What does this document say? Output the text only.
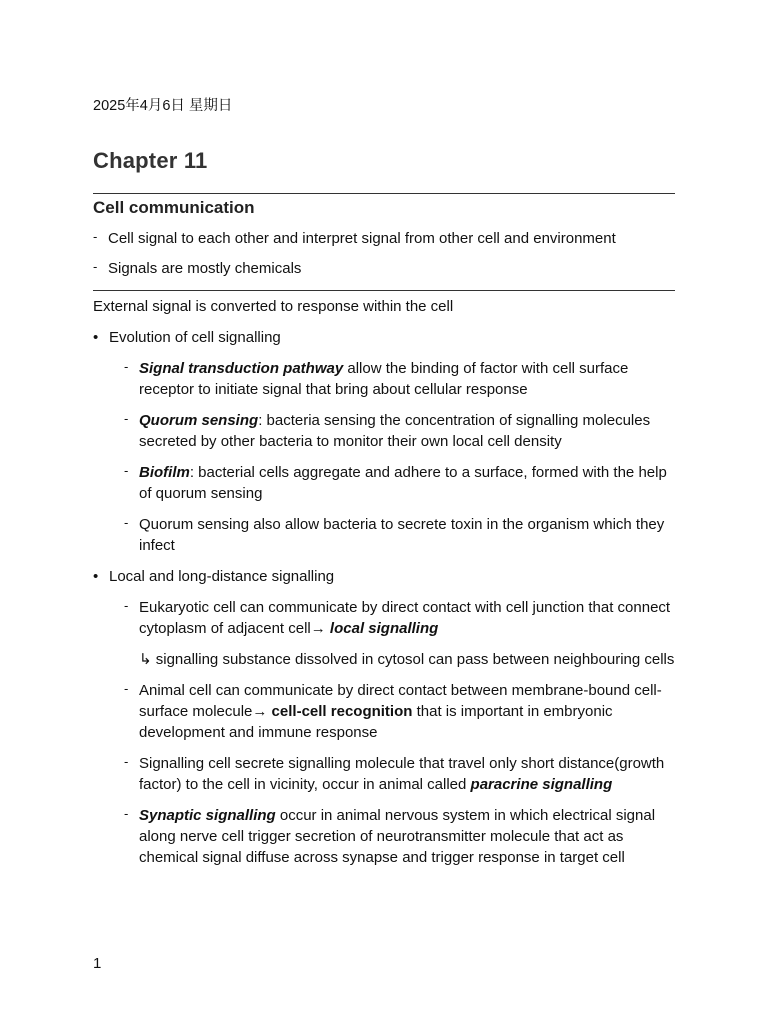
2025年4月6日 星期日

Chapter 11
Cell communication

- Cell signal to each other and interpret signal from other cell and environment

- Signals are mostly chemicals

External signal is converted to response within the cell

• Evolution of cell signalling

- Signal transduction pathway allow the binding of factor with cell surface receptor to initiate signal that bring about cellular response

- Quorum sensing: bacteria sensing the concentration of signalling molecules secreted by other bacteria to monitor their own local cell density

- Biofilm: bacterial cells aggregate and adhere to a surface, formed with the help of quorum sensing

- Quorum sensing also allow bacteria to secrete toxin in the organism which they infect

• Local and long-distance signalling

- Eukaryotic cell can communicate by direct contact with cell junction that connect cytoplasm of adjacent cell→ local signalling

↳ signalling substance dissolved in cytosol can pass between neighbouring cells

- Animal cell can communicate by direct contact between membrane-bound cell-surface molecule→ cell-cell recognition that is important in embryonic development and immune response

- Signalling cell secrete signalling molecule that travel only short distance(growth factor) to the cell in vicinity, occur in animal called paracrine signalling

- Synaptic signalling occur in animal nervous system in which electrical signal along nerve cell trigger secretion of neurotransmitter molecule that act as chemical signal diffuse across synapse and trigger response in target cell

1
